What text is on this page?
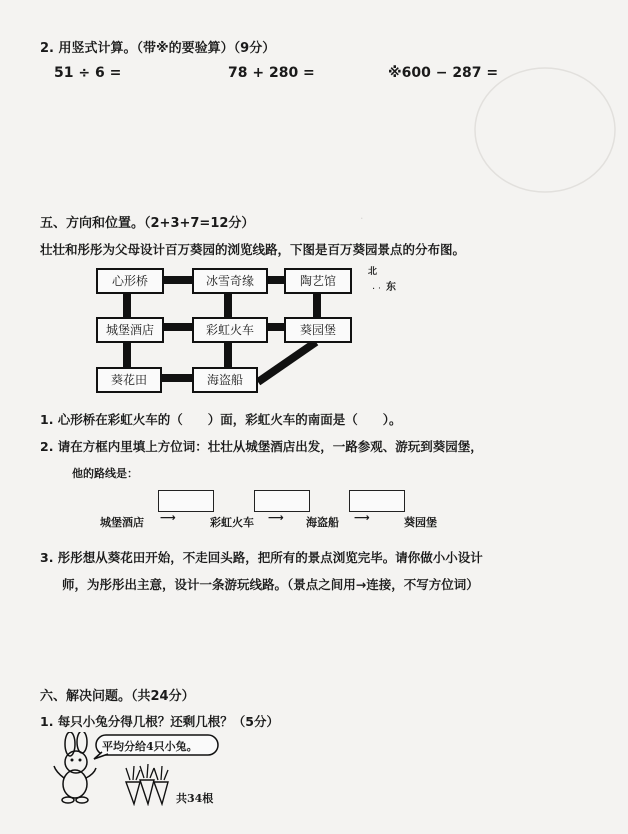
·
2. 用竖式计算。（带※的要验算）（9分）
51 ÷ 6 =	78 + 280 =	※600 − 287 =
五、方向和位置。（2+3+7=12分）
壮壮和彤彤为父母设计百万葵园的浏览线路，下图是百万葵园景点的分布图。
心形桥	冰雪奇缘	陶艺馆
城堡酒店	彩虹火车	葵园堡
葵花田	海盗船
北
· · 东
1. 心形桥在彩虹火车的（　　）面，彩虹火车的南面是（　　）。
2. 请在方框内里填上方位词：壮壮从城堡酒店出发，一路参观、游玩到葵园堡，
他的路线是：
城堡酒店 ⟶	彩虹火车 ⟶ 海盗船 ⟶	葵园堡
3. 彤彤想从葵花田开始，不走回头路，把所有的景点浏览完毕。请你做小小设计
师，为彤彤出主意，设计一条游玩线路。（景点之间用→连接，不写方位词）
六、解决问题。（共24分）
1. 每只小兔分得几根？还剩几根？（5分）
平均分给4只小兔。
共34根
